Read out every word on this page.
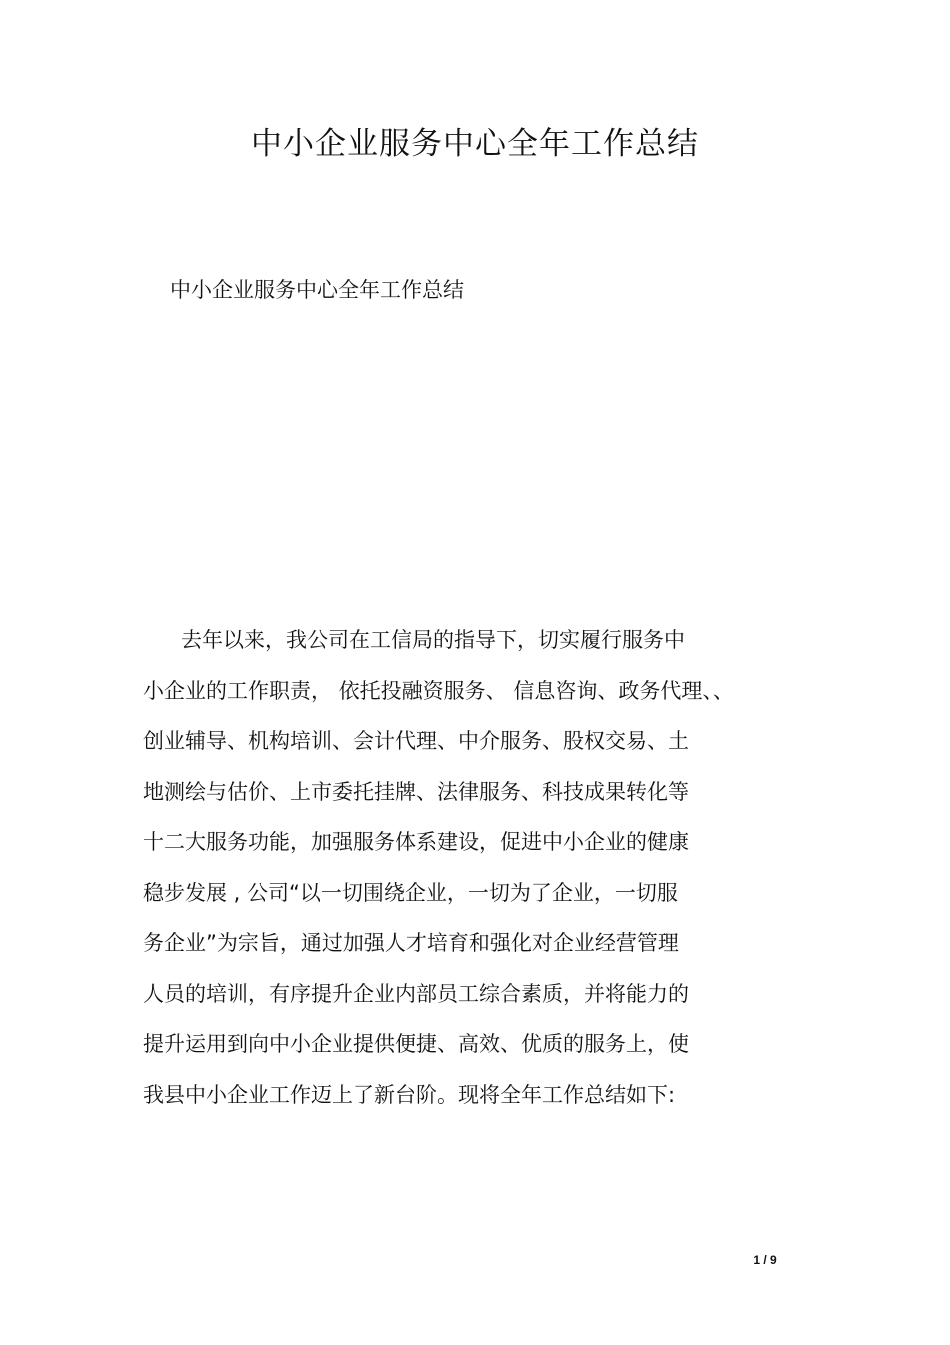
中小企业服务中心全年工作总结

中小企业服务中心全年工作总结

去年以来，我公司在工信局的指导下，切实履行服务中
小企业的工作职责， 依托投融资服务、 信息咨询、政务代理、、
创业辅导、机构培训、会计代理、中介服务、股权交易、土
地测绘与估价、上市委托挂牌、法律服务、科技成果转化等
十二大服务功能，加强服务体系建设，促进中小企业的健康
稳步发展 , 公司“以一切围绕企业，一切为了企业，一切服
务企业”为宗旨，通过加强人才培育和强化对企业经营管理
人员的培训，有序提升企业内部员工综合素质，并将能力的
提升运用到向中小企业提供便捷、高效、优质的服务上，使
我县中小企业工作迈上了新台阶。现将全年工作总结如下:
1 / 9
